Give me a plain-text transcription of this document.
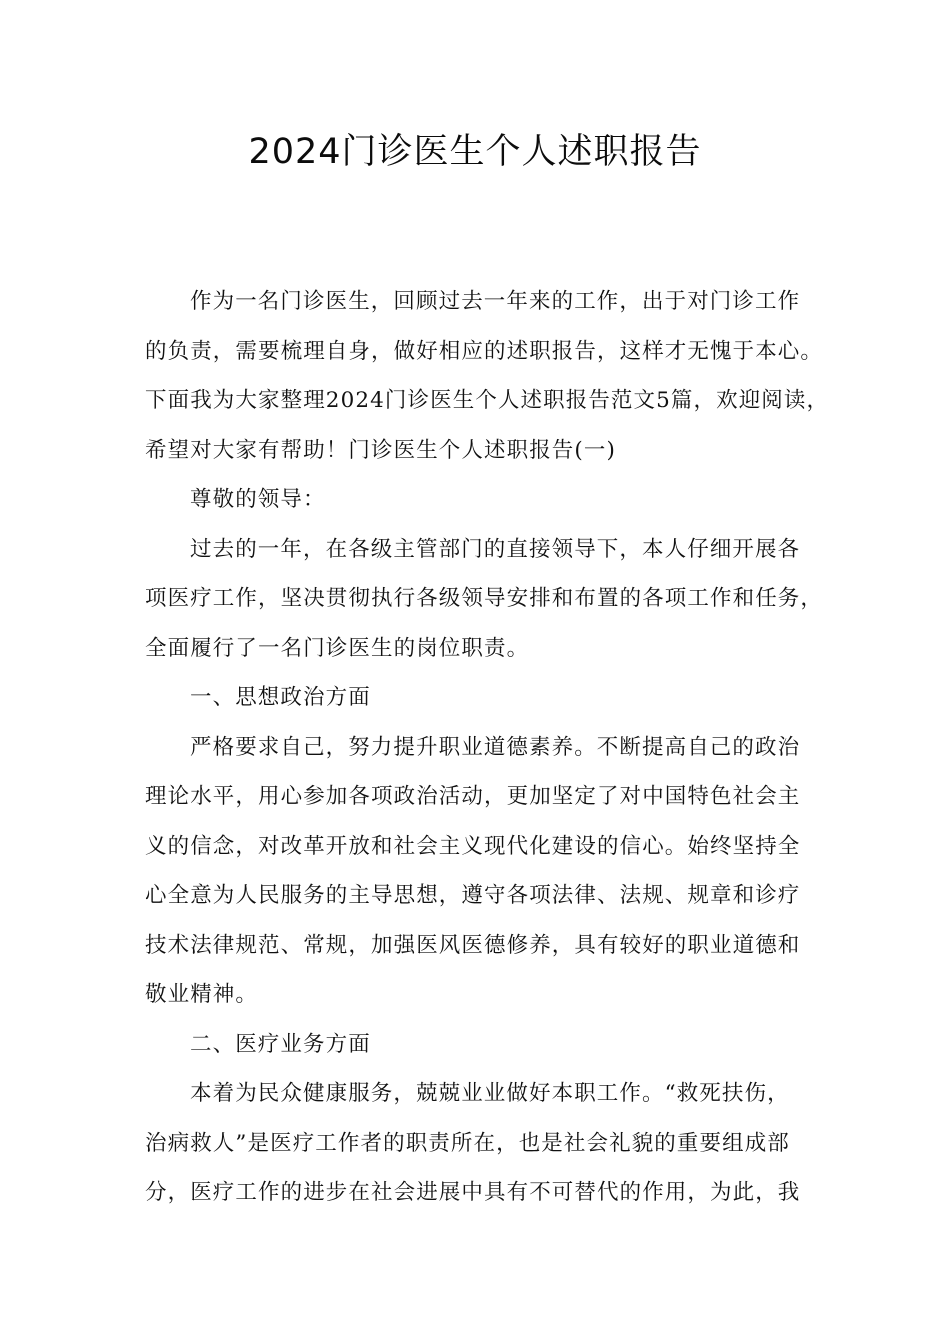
2024门诊医生个人述职报告

作为一名门诊医生，回顾过去一年来的工作，出于对门诊工作
的负责，需要梳理自身，做好相应的述职报告，这样才无愧于本心。
下面我为大家整理2024门诊医生个人述职报告范文5篇，欢迎阅读，
希望对大家有帮助！门诊医生个人述职报告(一)

尊敬的领导：

过去的一年，在各级主管部门的直接领导下，本人仔细开展各
项医疗工作，坚决贯彻执行各级领导安排和布置的各项工作和任务，
全面履行了一名门诊医生的岗位职责。

一、思想政治方面

严格要求自己，努力提升职业道德素养。不断提高自己的政治
理论水平，用心参加各项政治活动，更加坚定了对中国特色社会主
义的信念，对改革开放和社会主义现代化建设的信心。始终坚持全
心全意为人民服务的主导思想，遵守各项法律、法规、规章和诊疗
技术法律规范、常规，加强医风医德修养，具有较好的职业道德和
敬业精神。

二、医疗业务方面

本着为民众健康服务，兢兢业业做好本职工作。“救死扶伤，
治病救人”是医疗工作者的职责所在，也是社会礼貌的重要组成部
分，医疗工作的进步在社会进展中具有不可替代的作用，为此，我
